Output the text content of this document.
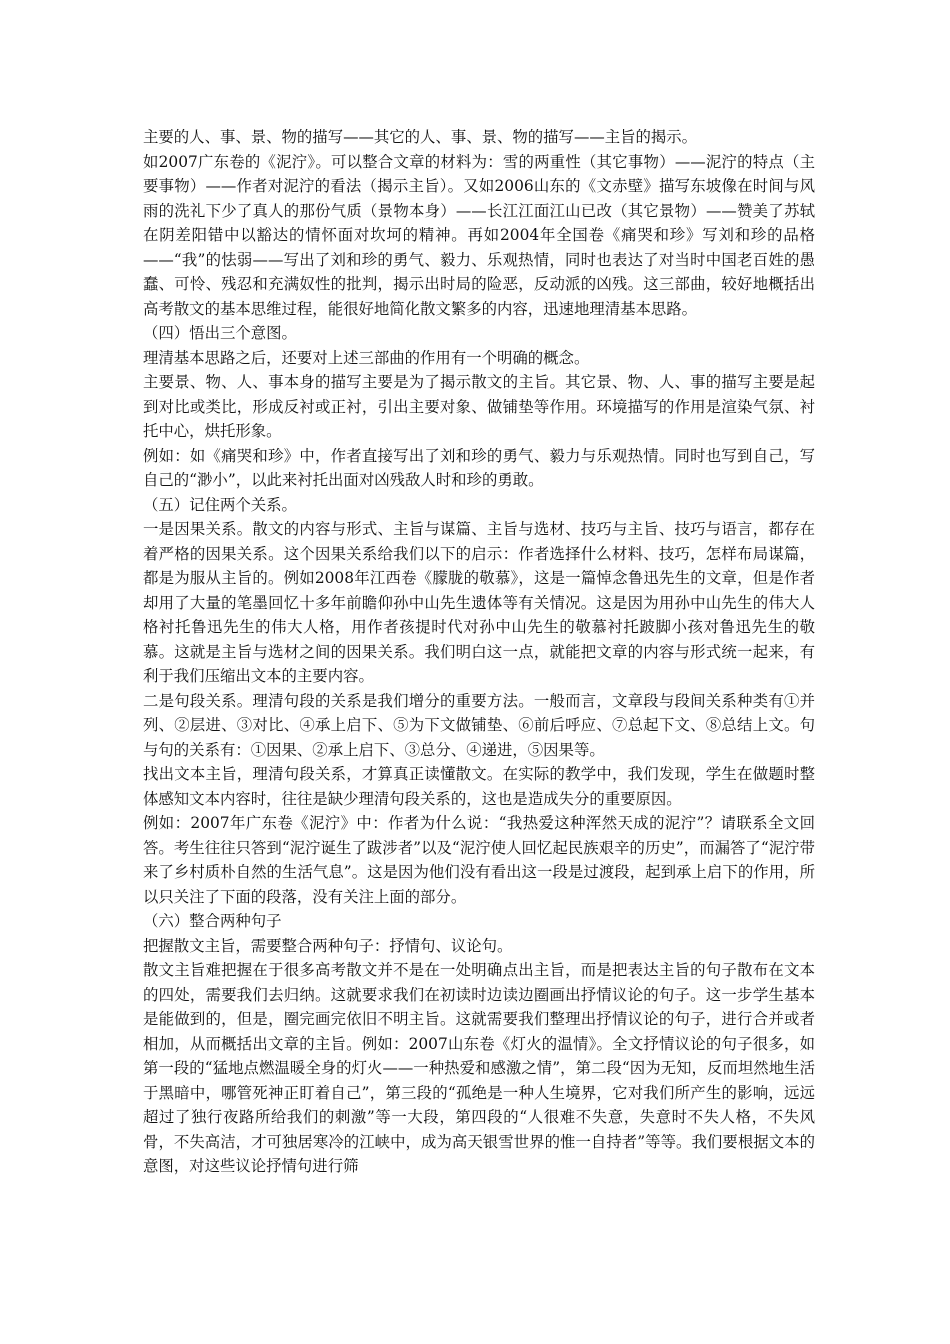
主要的人、事、景、物的描写——其它的人、事、景、物的描写——主旨的揭示。

如2007广东卷的《泥泞》。可以整合文章的材料为：雪的两重性（其它事物）——泥泞的特点（主要事物）——作者对泥泞的看法（揭示主旨）。又如2006山东的《文赤壁》描写东坡像在时间与风雨的洗礼下少了真人的那份气质（景物本身）——长江江面江山已改（其它景物）——赞美了苏轼在阴差阳错中以豁达的情怀面对坎坷的精神。再如2004年全国卷《痛哭和珍》写刘和珍的品格——“我”的怯弱——写出了刘和珍的勇气、毅力、乐观热情，同时也表达了对当时中国老百姓的愚蠢、可怜、残忍和充满奴性的批判，揭示出时局的险恶，反动派的凶残。这三部曲，较好地概括出高考散文的基本思维过程，能很好地简化散文繁多的内容，迅速地理清基本思路。

（四）悟出三个意图。

理清基本思路之后，还要对上述三部曲的作用有一个明确的概念。

主要景、物、人、事本身的描写主要是为了揭示散文的主旨。其它景、物、人、事的描写主要是起到对比或类比，形成反衬或正衬，引出主要对象、做铺垫等作用。环境描写的作用是渲染气氛、衬托中心，烘托形象。

例如：如《痛哭和珍》中，作者直接写出了刘和珍的勇气、毅力与乐观热情。同时也写到自己，写自己的“渺小”，以此来衬托出面对凶残敌人时和珍的勇敢。

（五）记住两个关系。

一是因果关系。散文的内容与形式、主旨与谋篇、主旨与选材、技巧与主旨、技巧与语言，都存在着严格的因果关系。这个因果关系给我们以下的启示：作者选择什么材料、技巧，怎样布局谋篇，都是为服从主旨的。例如2008年江西卷《朦胧的敬慕》，这是一篇悼念鲁迅先生的文章，但是作者却用了大量的笔墨回忆十多年前瞻仰孙中山先生遗体等有关情况。这是因为用孙中山先生的伟大人格衬托鲁迅先生的伟大人格，用作者孩提时代对孙中山先生的敬慕衬托跛脚小孩对鲁迅先生的敬慕。这就是主旨与选材之间的因果关系。我们明白这一点，就能把文章的内容与形式统一起来，有利于我们压缩出文本的主要内容。

二是句段关系。理清句段的关系是我们增分的重要方法。一般而言，文章段与段间关系种类有①并列、②层进、③对比、④承上启下、⑤为下文做铺垫、⑥前后呼应、⑦总起下文、⑧总结上文。句与句的关系有：①因果、②承上启下、③总分、④递进，⑤因果等。

找出文本主旨，理清句段关系，才算真正读懂散文。在实际的教学中，我们发现，学生在做题时整体感知文本内容时，往往是缺少理清句段关系的，这也是造成失分的重要原因。

例如：2007年广东卷《泥泞》中：作者为什么说：“我热爱这种浑然天成的泥泞”？请联系全文回答。考生往往只答到“泥泞诞生了跋涉者”以及“泥泞使人回忆起民族艰辛的历史”，而漏答了“泥泞带来了乡村质朴自然的生活气息”。这是因为他们没有看出这一段是过渡段，起到承上启下的作用，所以只关注了下面的段落，没有关注上面的部分。

（六）整合两种句子

把握散文主旨，需要整合两种句子：抒情句、议论句。

散文主旨难把握在于很多高考散文并不是在一处明确点出主旨，而是把表达主旨的句子散布在文本的四处，需要我们去归纳。这就要求我们在初读时边读边圈画出抒情议论的句子。这一步学生基本是能做到的，但是，圈完画完依旧不明主旨。这就需要我们整理出抒情议论的句子，进行合并或者相加，从而概括出文章的主旨。例如：2007山东卷《灯火的温情》。全文抒情议论的句子很多，如第一段的“猛地点燃温暖全身的灯火——一种热爱和感激之情”，第二段“因为无知，反而坦然地生活于黑暗中，哪管死神正盯着自己”，第三段的“孤绝是一种人生境界，它对我们所产生的影响，远远超过了独行夜路所给我们的刺激”等一大段，第四段的“人很难不失意，失意时不失人格，不失风骨，不失高洁，才可独居寒冷的江峡中，成为高天银雪世界的惟一自持者”等等。我们要根据文本的意图，对这些议论抒情句进行筛
